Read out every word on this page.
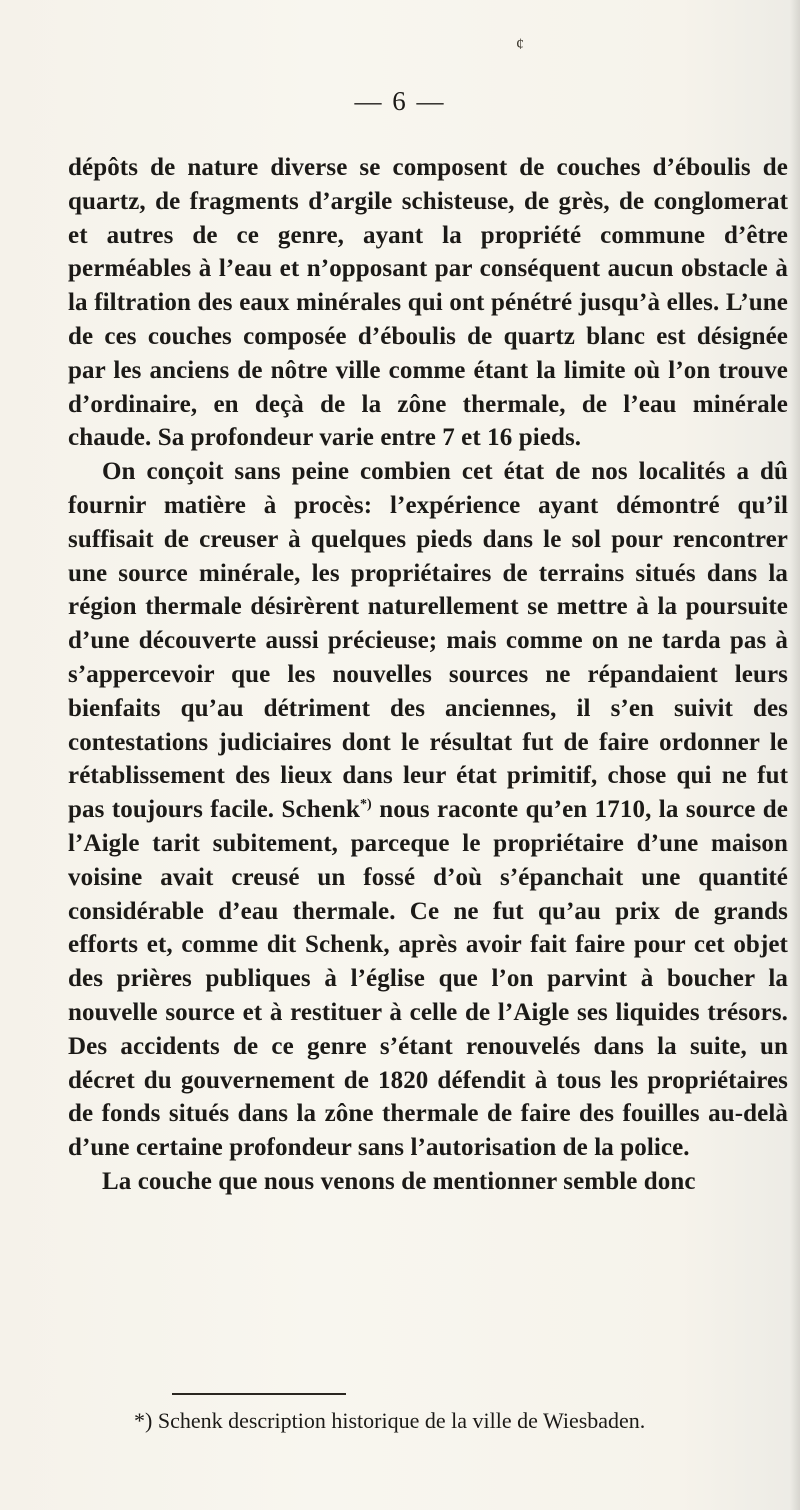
¢
— 6 —

dépôts de nature diverse se composent de couches d’éboulis de quartz, de fragments d’argile schisteuse, de grès, de conglomerat et autres de ce genre, ayant la propriété commune d’être perméables à l’eau et n’opposant par conséquent aucun obstacle à la filtration des eaux minérales qui ont pénétré jusqu’à elles. L’une de ces couches composée d’éboulis de quartz blanc est désignée par les anciens de nôtre ville comme étant la limite où l’on trouve d’ordinaire, en deçà de la zône thermale, de l’eau minérale chaude. Sa profondeur varie entre 7 et 16 pieds.

On conçoit sans peine combien cet état de nos localités a dû fournir matière à procès: l’expérience ayant démontré qu’il suffisait de creuser à quelques pieds dans le sol pour rencontrer une source minérale, les propriétaires de terrains situés dans la région thermale désirèrent naturellement se mettre à la poursuite d’une découverte aussi précieuse; mais comme on ne tarda pas à s’appercevoir que les nouvelles sources ne répandaient leurs bienfaits qu’au détriment des anciennes, il s’en suivit des contestations judiciaires dont le résultat fut de faire ordonner le rétablissement des lieux dans leur état primitif, chose qui ne fut pas toujours facile. Schenk*) nous raconte qu’en 1710, la source de l’Aigle tarit subitement, parceque le propriétaire d’une maison voisine avait creusé un fossé d’où s’épanchait une quantité considérable d’eau thermale. Ce ne fut qu’au prix de grands efforts et, comme dit Schenk, après avoir fait faire pour cet objet des prières publiques à l’église que l’on parvint à boucher la nouvelle source et à restituer à celle de l’Aigle ses liquides trésors. Des accidents de ce genre s’étant renouvelés dans la suite, un décret du gouvernement de 1820 défendit à tous les propriétaires de fonds situés dans la zône thermale de faire des fouilles au-delà d’une certaine profondeur sans l’autorisation de la police.

La couche que nous venons de mentionner semble donc

*) Schenk description historique de la ville de Wiesbaden.
